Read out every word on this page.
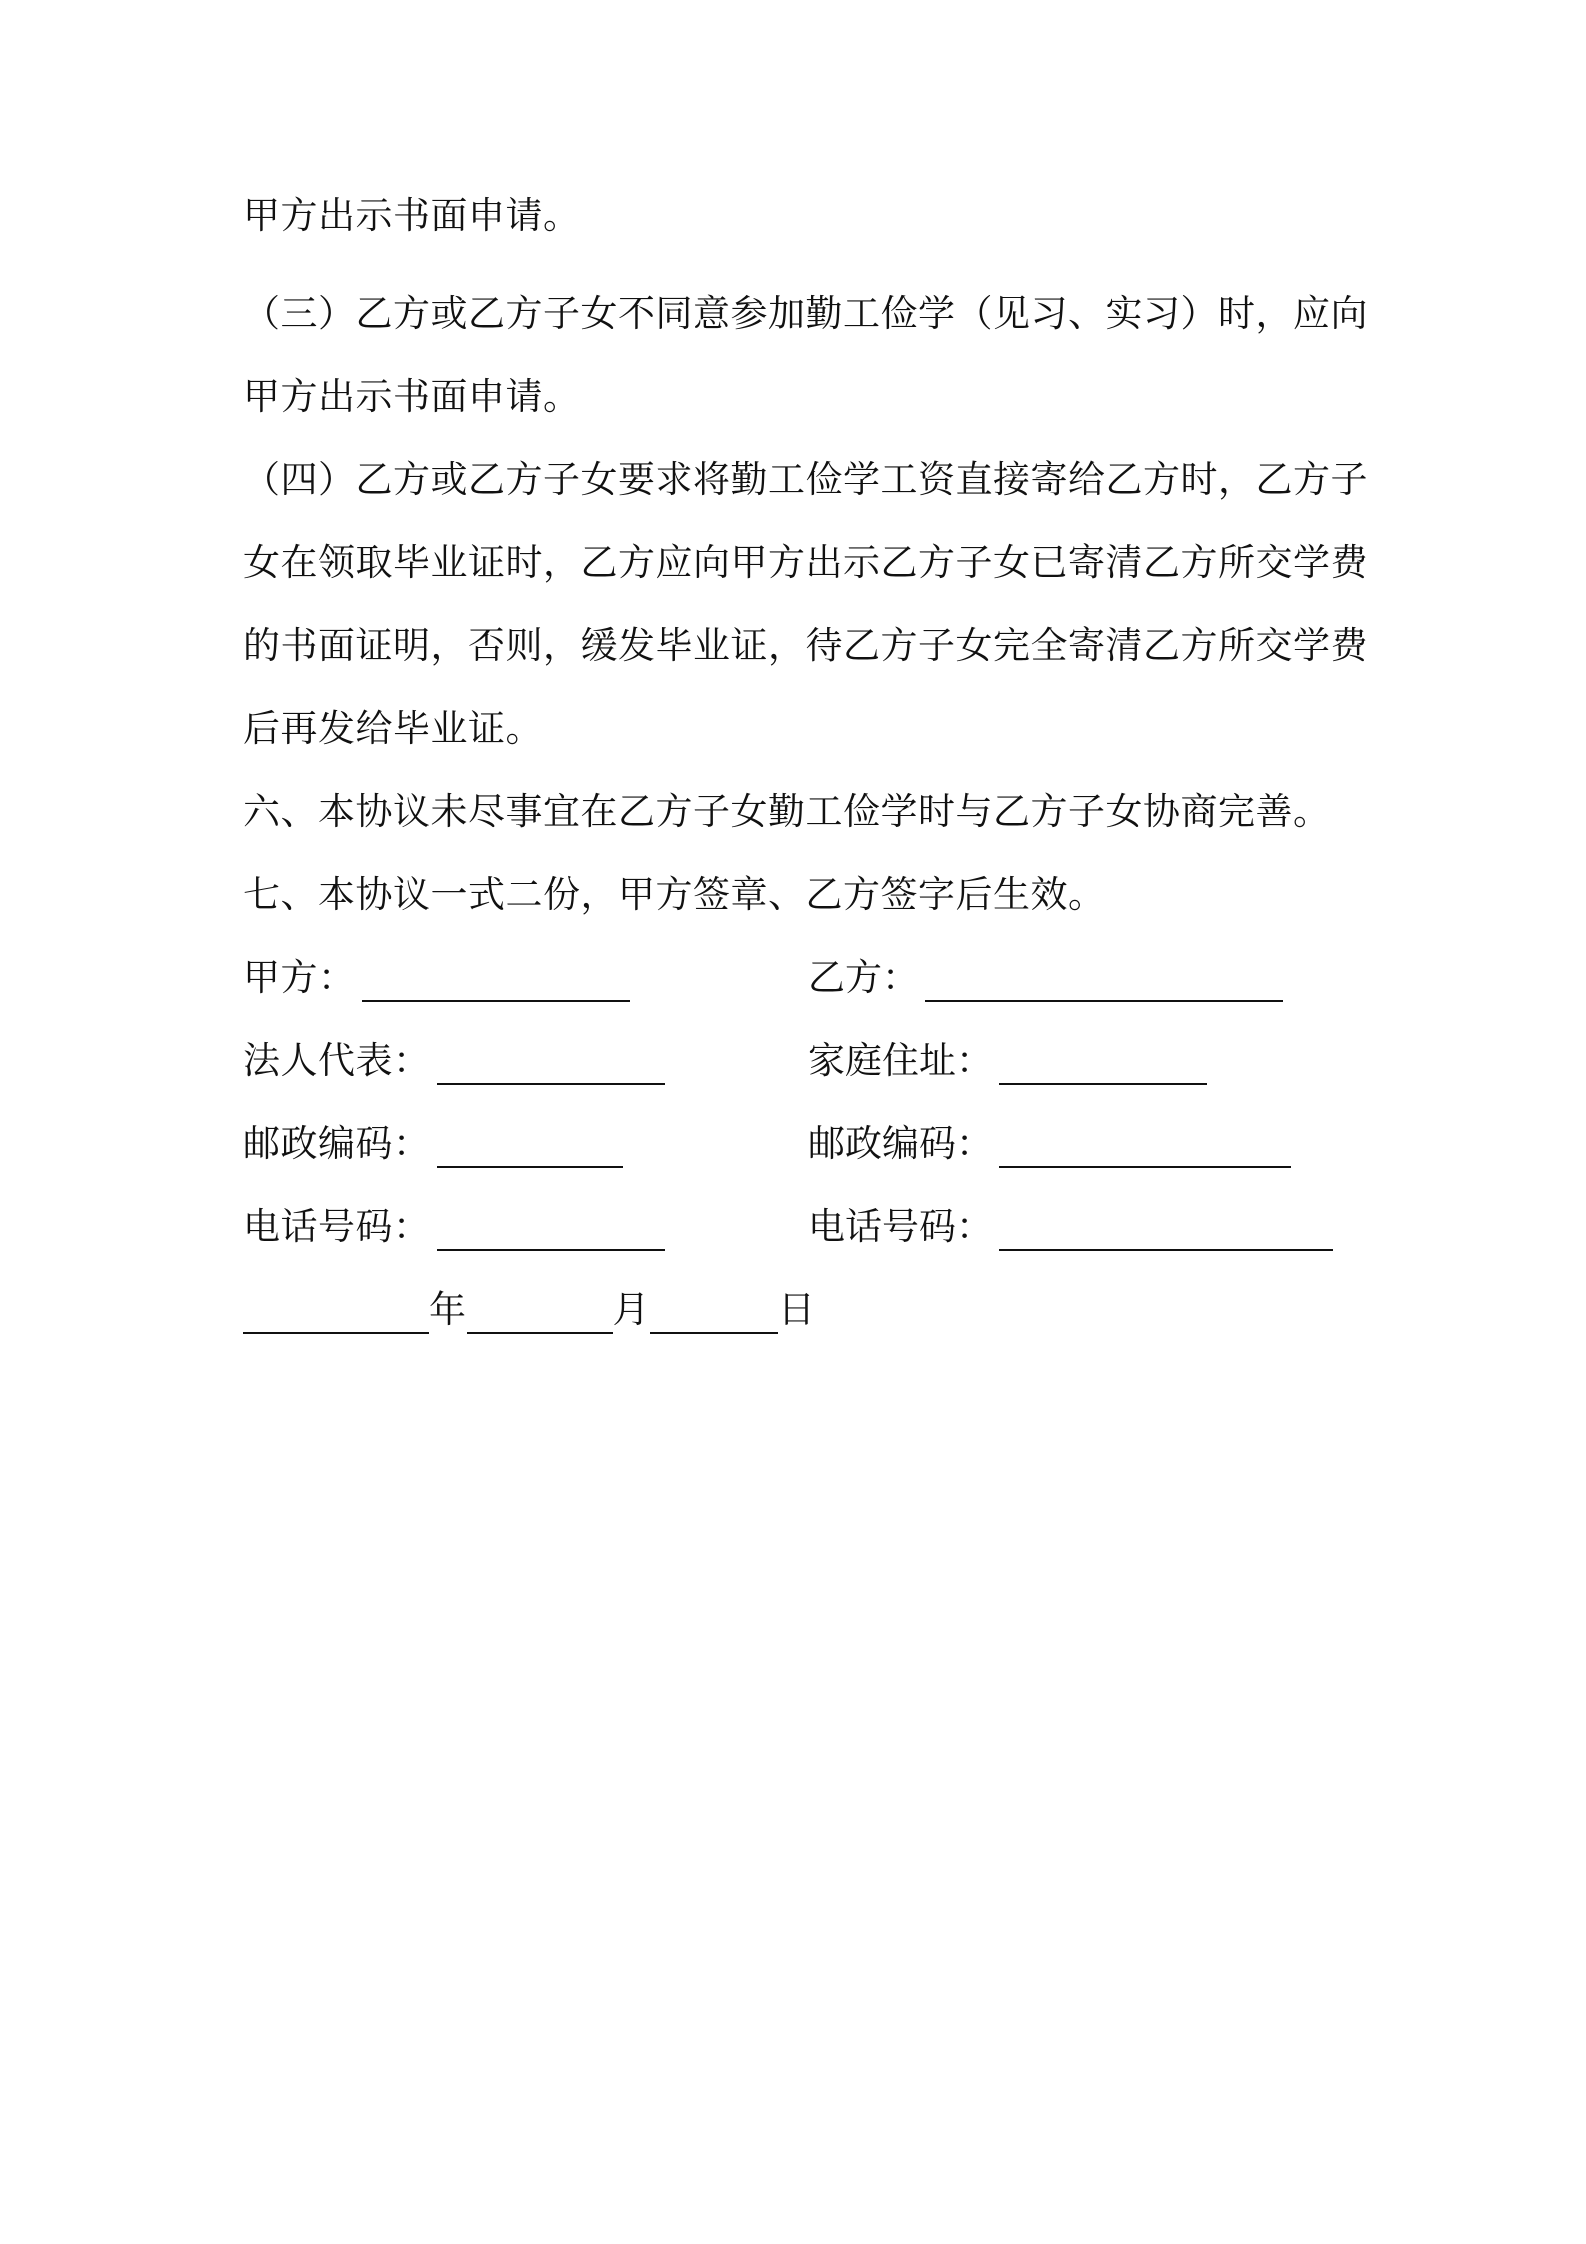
甲方出示书面申请。
（三）乙方或乙方子女不同意参加勤工俭学（见习、实习）时，应向
甲方出示书面申请。
（四）乙方或乙方子女要求将勤工俭学工资直接寄给乙方时，乙方子
女在领取毕业证时，乙方应向甲方出示乙方子女已寄清乙方所交学费
的书面证明，否则，缓发毕业证，待乙方子女完全寄清乙方所交学费
后再发给毕业证。
六、本协议未尽事宜在乙方子女勤工俭学时与乙方子女协商完善。
七、本协议一式二份，甲方签章、乙方签字后生效。
甲方：	乙方：
法人代表：	家庭住址：
邮政编码：	邮政编码：
电话号码：	电话号码：
年	月	日
